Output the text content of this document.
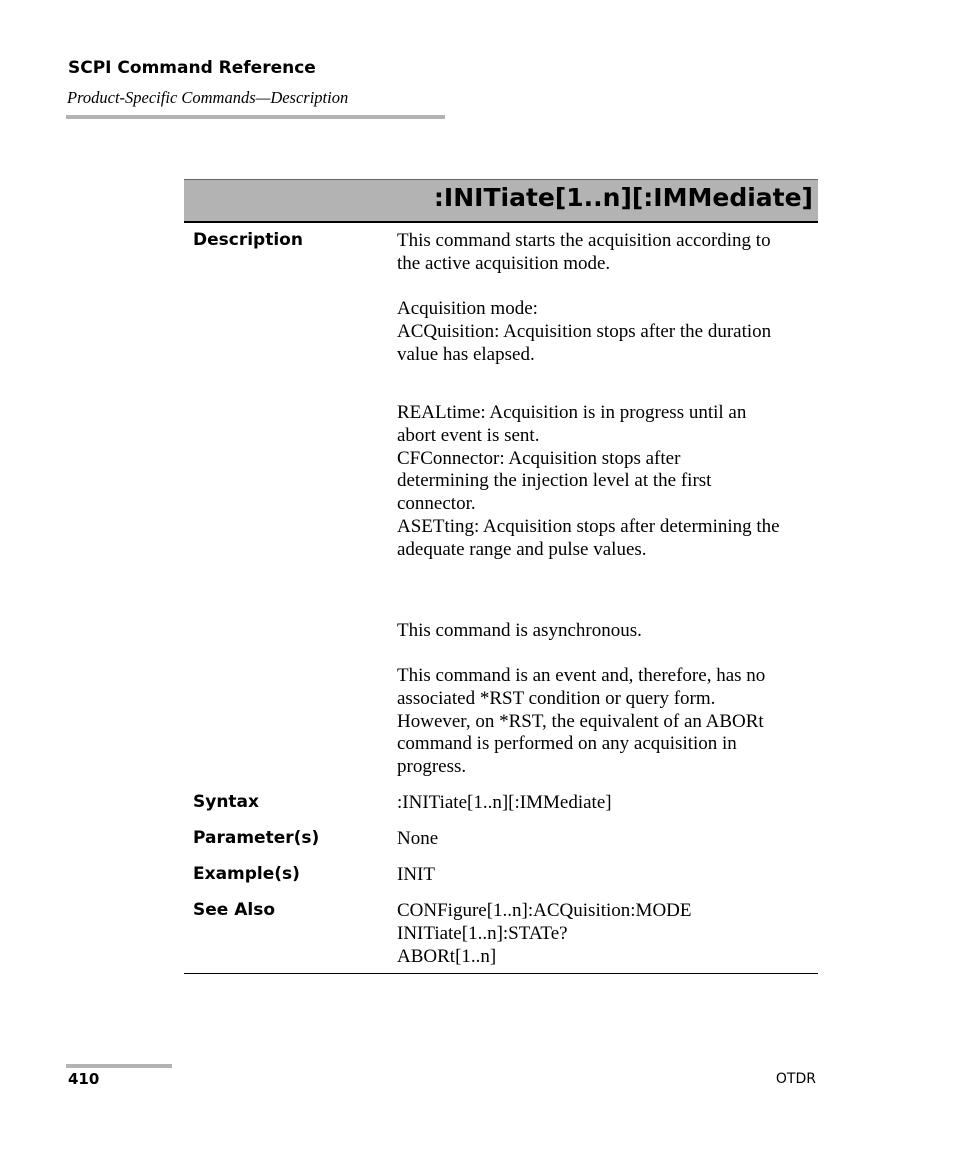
SCPI Command Reference
Product-Specific Commands—Description
:INITiate[1..n][:IMMediate]
Description	This command starts the acquisition according to
the active acquisition mode.
Acquisition mode:
ACQuisition: Acquisition stops after the duration
value has elapsed.
REALtime: Acquisition is in progress until an
abort event is sent.
CFConnector: Acquisition stops after
determining the injection level at the first
connector.
ASETting: Acquisition stops after determining the
adequate range and pulse values.
This command is asynchronous.
This command is an event and, therefore, has no
associated *RST condition or query form.
However, on *RST, the equivalent of an ABORt
command is performed on any acquisition in
progress.
Syntax	:INITiate[1..n][:IMMediate]
Parameter(s)	None
Example(s)	INIT
See Also	CONFigure[1..n]:ACQuisition:MODE
INITiate[1..n]:STATe?
ABORt[1..n]
410	OTDR
